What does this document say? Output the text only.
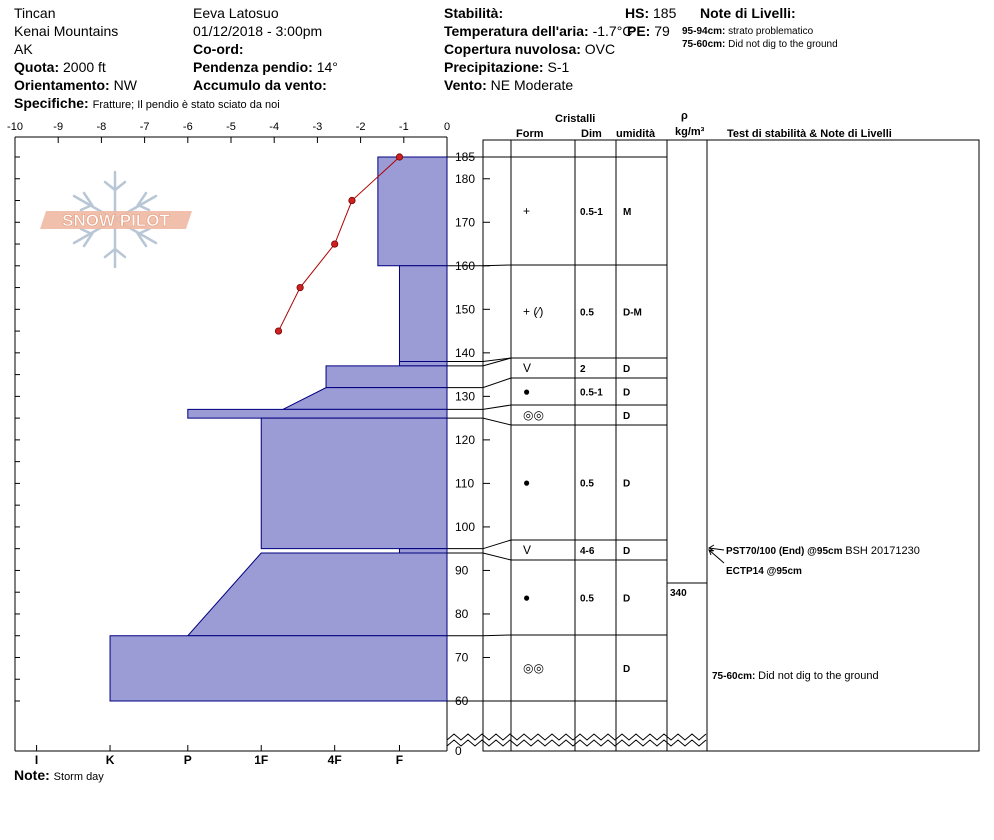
Tincan
Kenai Mountains
AK
Quota: 2000 ft
Orientamento: NW
Specifiche: Fratture; Il pendio è stato sciato da noi
Eeva Latosuo
01/12/2018 - 3:00pm
Co-ord:
Pendenza pendio: 14°
Accumulo da vento:
Stabilità:
Temperatura dell'aria: -1.7°C
Copertura nuvolosa: OVC
Precipitazione: S-1
Vento: NE Moderate
HS: 185
PE: 79
Note di Livelli:
95-94cm: strato problematico
75-60cm: Did not dig to the ground
Note: Storm day
Cristalli
Form	Dim umidità
ρ
kg/m³ Test di stabilità & Note di Livelli
PST70/100 (End) @95cm BSH 20171230
ECTP14 @95cm
75-60cm: Did not dig to the ground
SNOW PILOT
-10	-9	-8	-7	-6	-5	-4	-3	-2	-1	0
185
180
170
160
150
140
130
120
110
100
90
80
70
60
0
I	K	P	1F	4F	F
+	0.5-1 M
+ (⁄)	0.5	D-M
V	2	D
●	0.5-1 D
◎◎	D
●	0.5	D
V	4-6	D
●	0.5	D
◎◎	D
340
